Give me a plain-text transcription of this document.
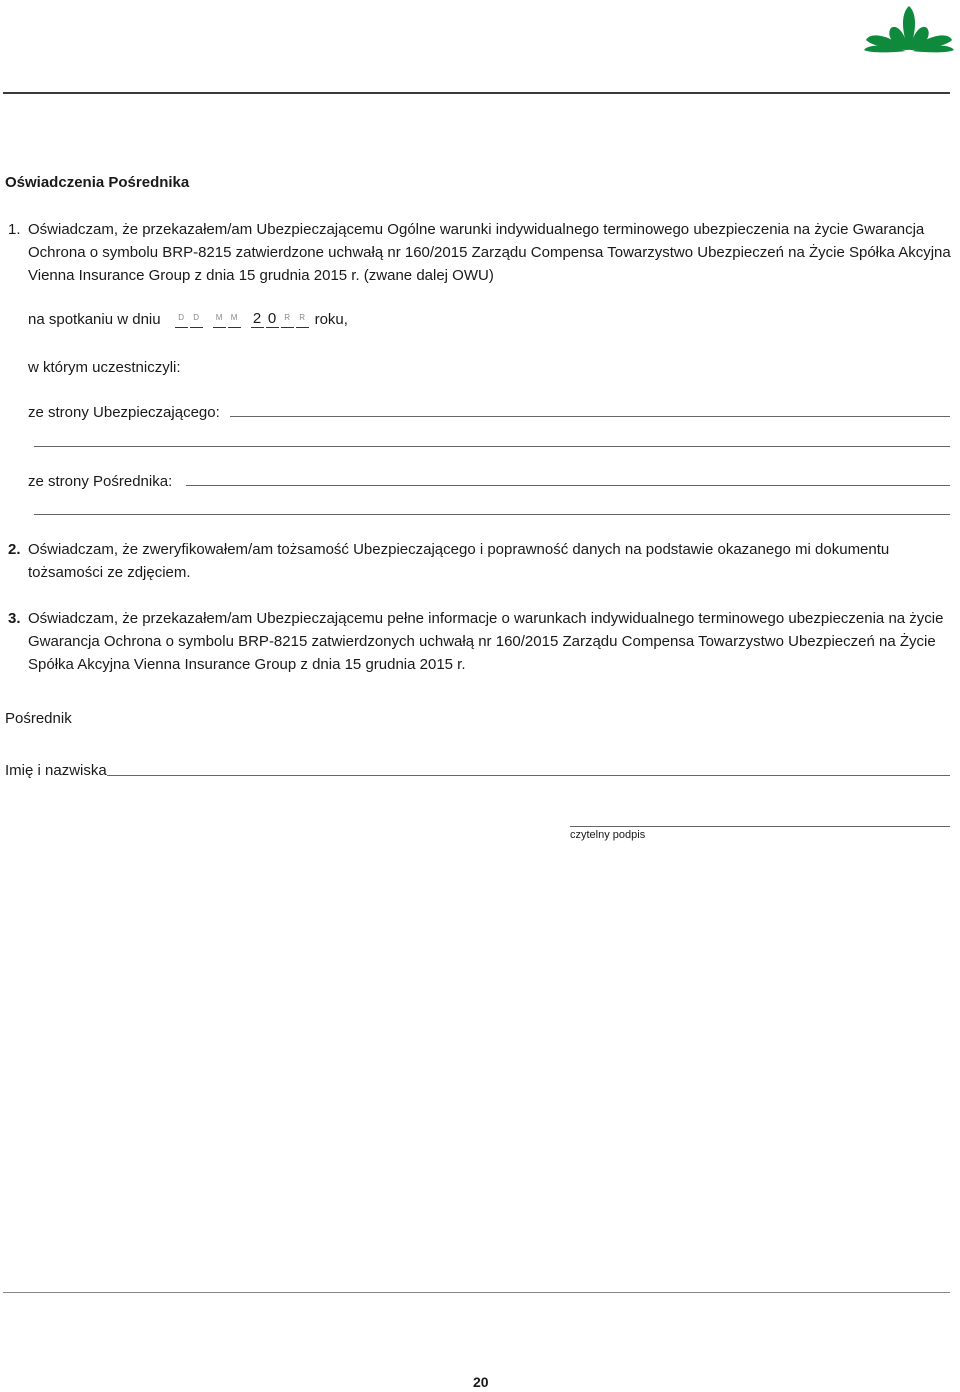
Oświadczenia Pośrednika
1. Oświadczam, że przekazałem/am Ubezpieczającemu Ogólne warunki indywidualnego terminowego ubezpieczenia na życie Gwarancja Ochrona o symbolu BRP-8215 zatwierdzone uchwałą nr 160/2015 Zarządu Compensa Towarzystwo Ubezpieczeń na Życie Spółka Akcyjna Vienna Insurance Group z dnia 15 grudnia 2015 r. (zwane dalej OWU)
na spotkaniu w dniu	D	D	M	M 2 0 R	R roku,
w którym uczestniczyli:
ze strony Ubezpieczającego:
ze strony Pośrednika:
2. Oświadczam, że zweryfikowałem/am tożsamość Ubezpieczającego i poprawność danych na podstawie okazanego mi dokumentu tożsamości ze zdjęciem.
3. Oświadczam, że przekazałem/am Ubezpieczającemu pełne informacje o warunkach indywidualnego terminowego ubezpieczenia na życie Gwarancja Ochrona o symbolu BRP-8215 zatwierdzonych uchwałą nr 160/2015 Zarządu Compensa Towarzystwo Ubezpieczeń na Życie Spółka Akcyjna Vienna Insurance Group z dnia 15 grudnia 2015 r.
Pośrednik
Imię i nazwiska
czytelny podpis
20
